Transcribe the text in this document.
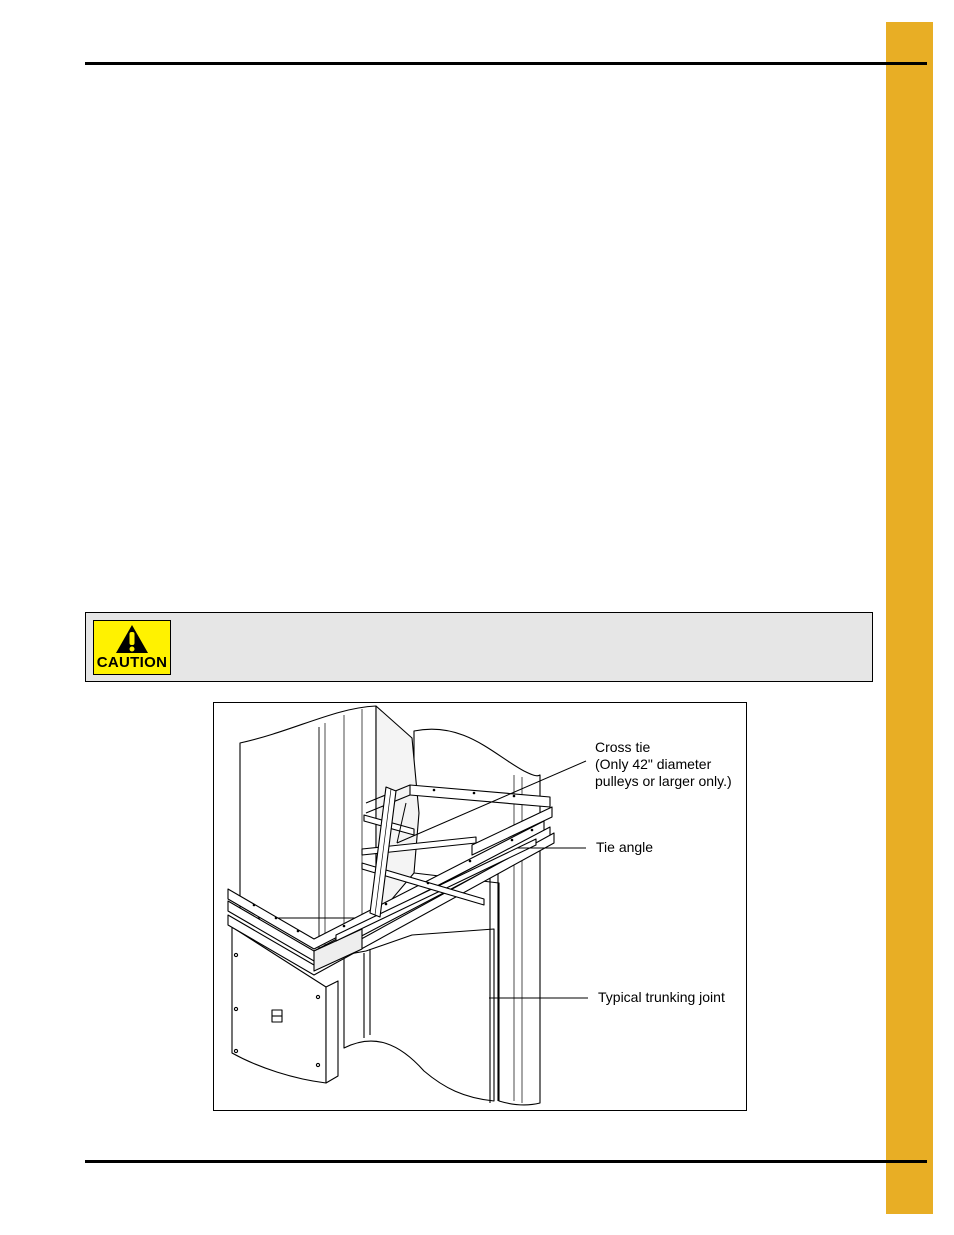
CAUTION
Cross tie
(Only 42" diameter
pulleys or larger only.)
Tie angle
Typical trunking joint
